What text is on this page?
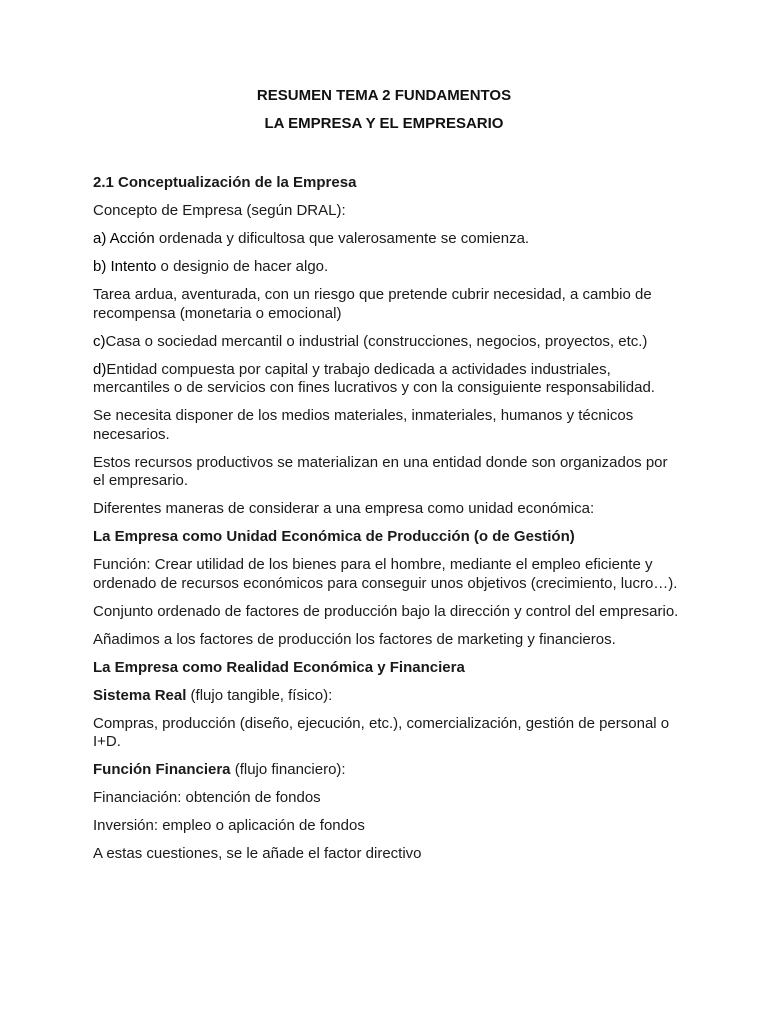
RESUMEN TEMA 2 FUNDAMENTOS
LA EMPRESA Y EL EMPRESARIO

2.1 Conceptualización de la Empresa

Concepto de Empresa (según DRAL):

a) Acción ordenada y dificultosa que valerosamente se comienza.

b) Intento o designio de hacer algo.

Tarea ardua, aventurada, con un riesgo que pretende cubrir necesidad, a cambio de recompensa (monetaria o emocional)

c)Casa o sociedad mercantil o industrial (construcciones, negocios, proyectos, etc.)

d)Entidad compuesta por capital y trabajo dedicada a actividades industriales, mercantiles o de servicios con fines lucrativos y con la consiguiente responsabilidad.

Se necesita disponer de los medios materiales, inmateriales, humanos y técnicos necesarios.

Estos recursos productivos se materializan en una entidad donde son organizados por el empresario.

Diferentes maneras de considerar a una empresa como unidad económica:

La Empresa como Unidad Económica de Producción (o de Gestión)

Función: Crear utilidad de los bienes para el hombre, mediante el empleo eficiente y ordenado de recursos económicos para conseguir unos objetivos (crecimiento, lucro…).

Conjunto ordenado de factores de producción bajo la dirección y control del empresario.

Añadimos a los factores de producción los factores de marketing y financieros.

La Empresa como Realidad Económica y Financiera

Sistema Real (flujo tangible, físico):

Compras, producción (diseño, ejecución, etc.), comercialización, gestión de personal o I+D.

Función Financiera (flujo financiero):

Financiación: obtención de fondos

Inversión: empleo o aplicación de fondos

A estas cuestiones, se le añade el factor directivo
